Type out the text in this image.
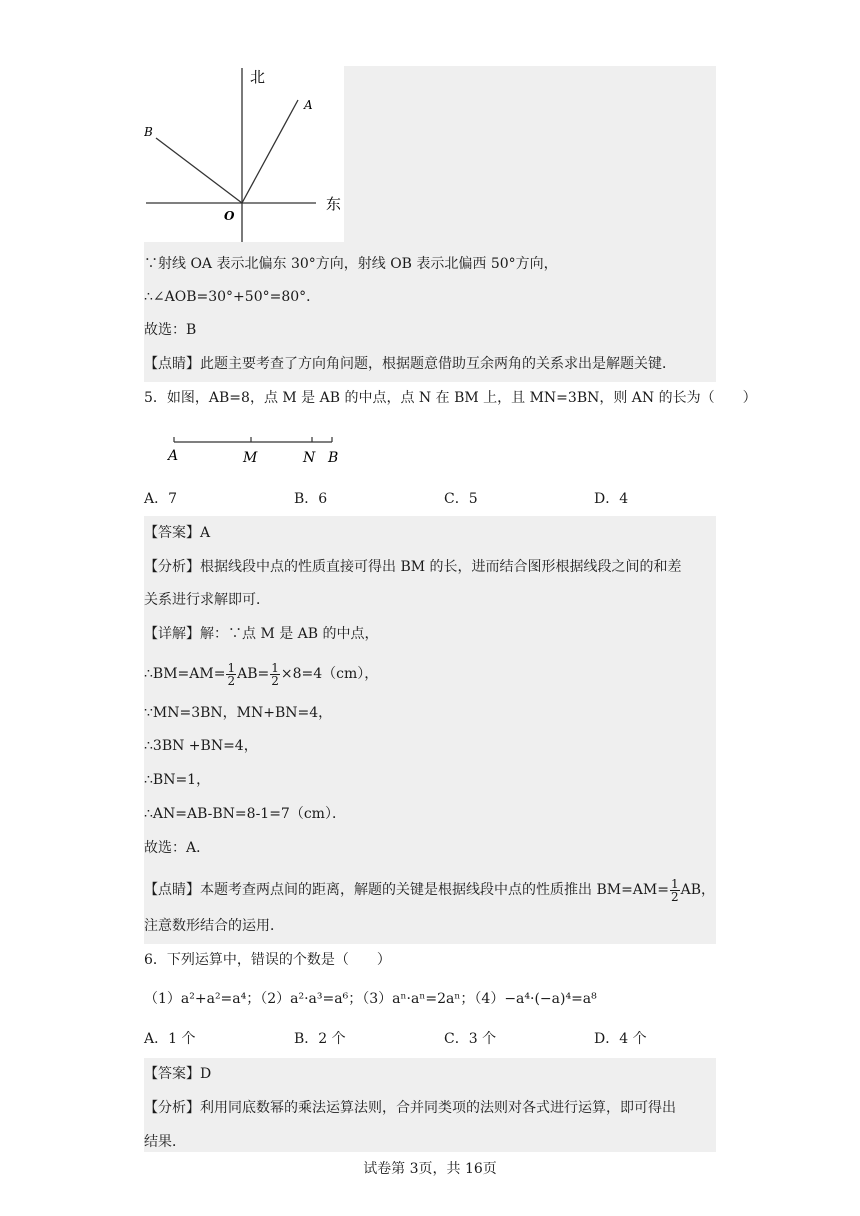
北
东
O
A
B
∵射线 OA 表示北偏东 30°方向，射线 OB 表示北偏西 50°方向，
∴∠AOB=30°+50°=80°．
故选：B
【点睛】此题主要考查了方向角问题，根据题意借助互余两角的关系求出是解题关键．
5．如图，AB=8，点 M 是 AB 的中点，点 N 在 BM 上，且 MN=3BN，则 AN 的长为（　　）
A	M	N B
A．7	B．6	C．5	D．4
【答案】A
【分析】根据线段中点的性质直接可得出 BM 的长，进而结合图形根据线段之间的和差
关系进行求解即可．
【详解】解：∵点 M 是 AB 的中点，
∴BM=AM= $\frac{1}{2} AB= \frac{1}{2} \times 8=4(cm)$，
∵MN=3BN，MN+BN=4，
∴3BN +BN=4，
∴BN=1，
∴AN=AB-BN=8-1=7（cm）．
故选：A．
【点睛】本题考查两点间的距离，解题的关键是根据线段中点的性质推出 $BM=AM= \frac{1}{2}$ AB，
注意数形结合的运用．
6．下列运算中，错误的个数是（　　）
（1）a²+a²=a⁴；（2）a²·a³=a⁶；（3）aⁿ·aⁿ=2aⁿ；（4）−a⁴·(−a)⁴=a⁸
A．1 个	B．2 个	C．3 个	D．4 个
【答案】D
【分析】利用同底数幂的乘法运算法则，合并同类项的法则对各式进行运算，即可得出
结果．
试卷第 3页，共 16页
